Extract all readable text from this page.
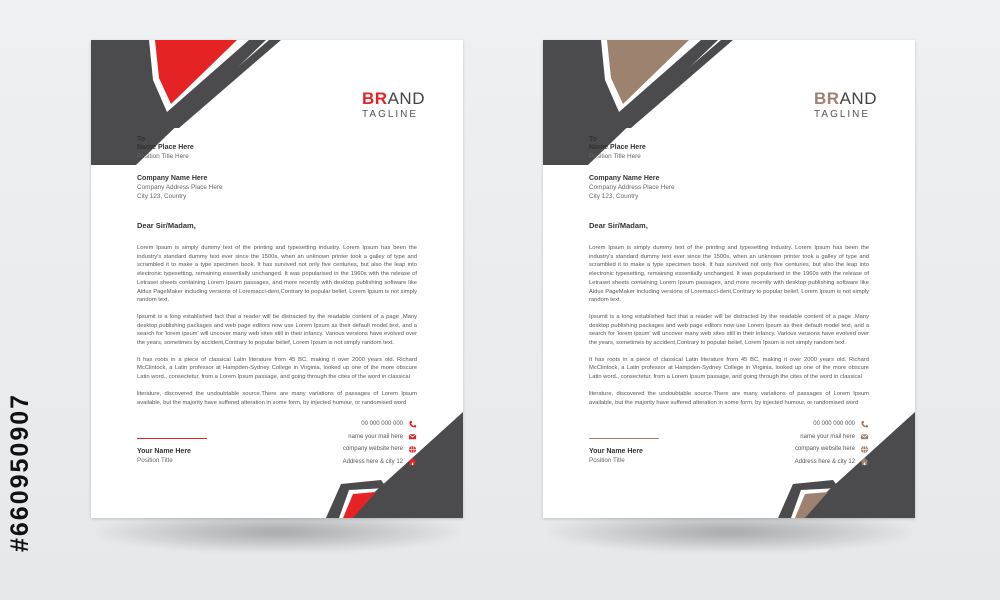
#660950907
BRAND
TAGLINE
To
Name Place Here
Position Title Here
Company Name Here
Company Address Place Here
City 123, Country
Dear Sir/Madam,

Lorem Ipsum is simply dummy text of the printing and typesetting industry. Lorem Ipsum has been the industry's standard dummy text ever since the 1500s, when an unknown printer took a galley of type and scrambled it to make a type specimen book. It has survived not only five centuries, but also the leap into electronic typesetting, remaining essentially unchanged. It was popularised in the 1960s with the release of Letraset sheets containing Lorem Ipsum passages, and more recently with desktop publishing software like Aldus PageMaker including versions of Loremacci-dent,Contrary to popular belief, Lorem Ipsum is not simply random text.

Ipsumit is a long established fact that a reader will be distracted by the readable content of a page .Many desktop publishing packages and web page editors now use Lorem Ipsum as their default model text, and a search for 'lorem ipsum' will uncover many web sites still in their infancy. Various versions have evolved over the years, sometimes by accident,Contrary to popular belief, Lorem Ipsum is not simply random text.

It has roots in a piece of classical Latin literature from 45 BC, making it over 2000 years old. Richard McClintock, a Latin professor at Hampden-Sydney College in Virginia, looked up one of the more obscure Latin word., consectetur, from a Lorem Ipsum passage, and going through the cites of the word in classical

literature, discovered the undoubtable source.There are many variations of passages of Lorem Ipsum available, but the majority have suffered alteration in some form, by injected humour, or randomised word

00 000 000 000
name your mail here
company website here
Address here & city 12
Your Name Here
Position Title
BRAND
TAGLINE
To
Name Place Here
Position Title Here
Company Name Here
Company Address Place Here
City 123, Country
Dear Sir/Madam,

Lorem Ipsum is simply dummy text of the printing and typesetting industry. Lorem Ipsum has been the industry's standard dummy text ever since the 1500s, when an unknown printer took a galley of type and scrambled it to make a type specimen book. It has survived not only five centuries, but also the leap into electronic typesetting, remaining essentially unchanged. It was popularised in the 1960s with the release of Letraset sheets containing Lorem Ipsum passages, and more recently with desktop publishing software like Aldus PageMaker including versions of Loremacci-dent,Contrary to popular belief, Lorem Ipsum is not simply random text.

Ipsumit is a long established fact that a reader will be distracted by the readable content of a page .Many desktop publishing packages and web page editors now use Lorem Ipsum as their default model text, and a search for 'lorem ipsum' will uncover many web sites still in their infancy. Various versions have evolved over the years, sometimes by accident,Contrary to popular belief, Lorem Ipsum is not simply random text.

It has roots in a piece of classical Latin literature from 45 BC, making it over 2000 years old. Richard McClintock, a Latin professor at Hampden-Sydney College in Virginia, looked up one of the more obscure Latin word., consectetur, from a Lorem Ipsum passage, and going through the cites of the word in classical

literature, discovered the undoubtable source.There are many variations of passages of Lorem Ipsum available, but the majority have suffered alteration in some form, by injected humour, or randomised word

00 000 000 000
name your mail here
company website here
Address here & city 12
Your Name Here
Position Title
